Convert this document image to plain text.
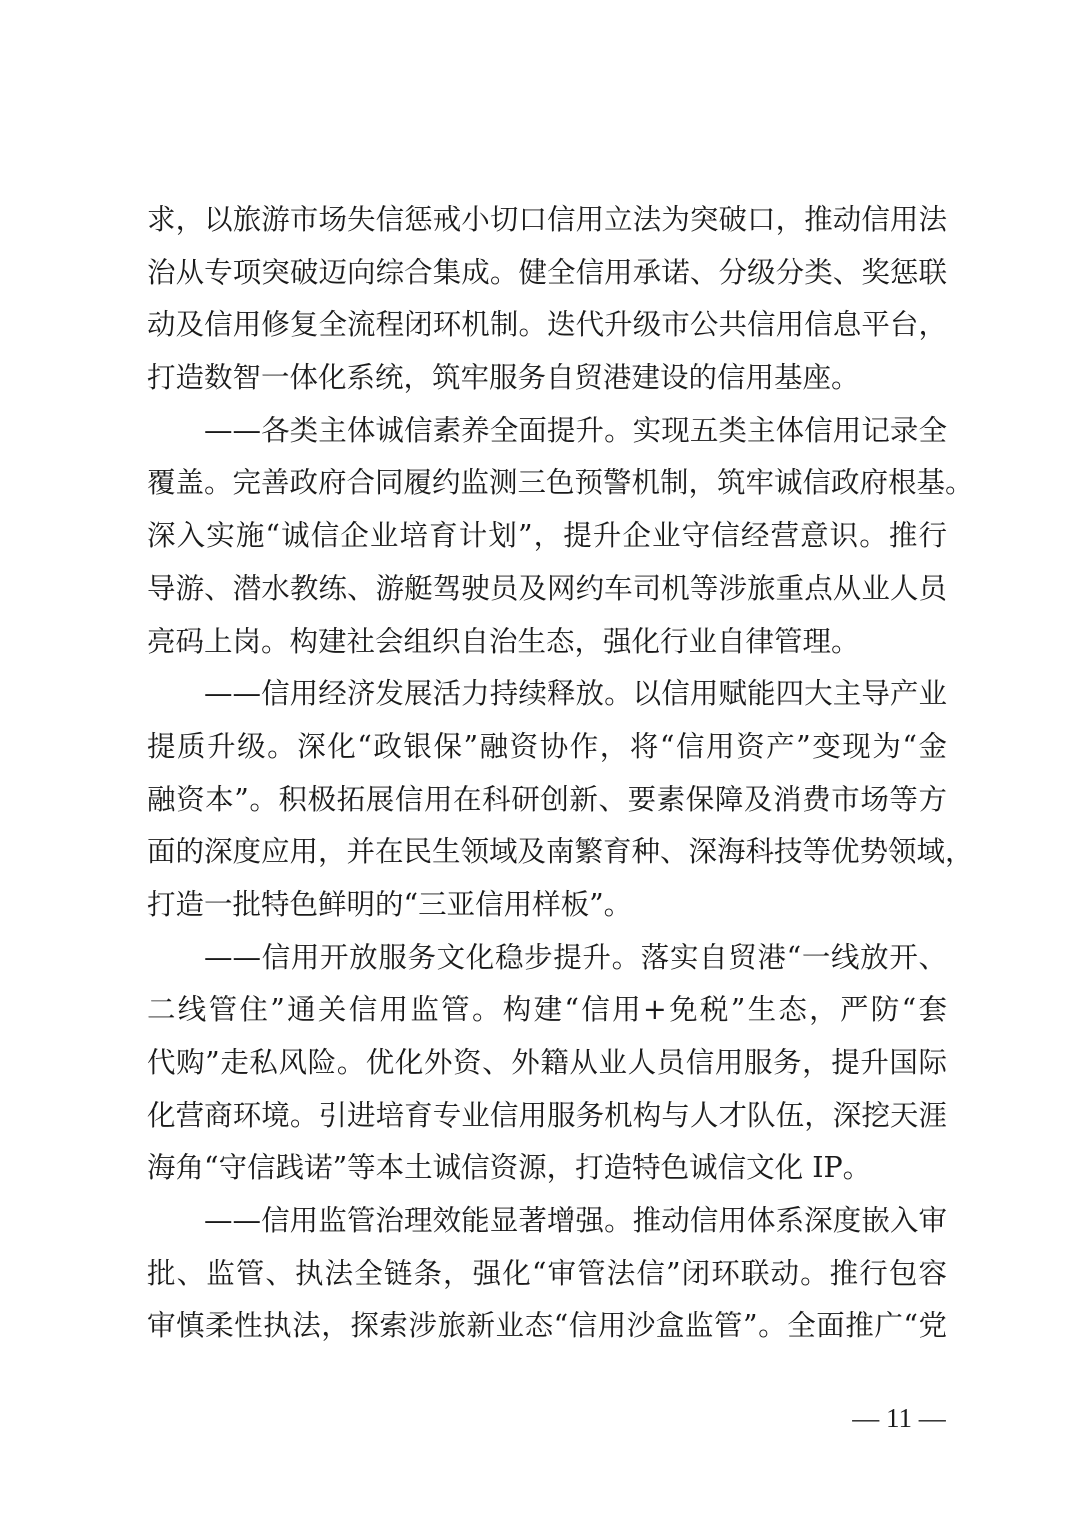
求，以旅游市场失信惩戒小切口信用立法为突破口，推动信用法
治从专项突破迈向综合集成。健全信用承诺、分级分类、奖惩联
动及信用修复全流程闭环机制。迭代升级市公共信用信息平台，
打造数智一体化系统，筑牢服务自贸港建设的信用基座。
——各类主体诚信素养全面提升。实现五类主体信用记录全
覆盖。完善政府合同履约监测三色预警机制，筑牢诚信政府根基。
深入实施“诚信企业培育计划”，提升企业守信经营意识。推行
导游、潜水教练、游艇驾驶员及网约车司机等涉旅重点从业人员
亮码上岗。构建社会组织自治生态，强化行业自律管理。
——信用经济发展活力持续释放。以信用赋能四大主导产业
提质升级。深化“政银保”融资协作，将“信用资产”变现为“金
融资本”。积极拓展信用在科研创新、要素保障及消费市场等方
面的深度应用，并在民生领域及南繁育种、深海科技等优势领域，
打造一批特色鲜明的“三亚信用样板”。
——信用开放服务文化稳步提升。落实自贸港“一线放开、
二线管住”通关信用监管。构建“信用+免税”生态，严防“套
代购”走私风险。优化外资、外籍从业人员信用服务，提升国际
化营商环境。引进培育专业信用服务机构与人才队伍，深挖天涯
海角“守信践诺”等本土诚信资源，打造特色诚信文化 IP。
——信用监管治理效能显著增强。推动信用体系深度嵌入审
批、监管、执法全链条，强化“审管法信”闭环联动。推行包容
审慎柔性执法，探索涉旅新业态“信用沙盒监管”。全面推广“党
— 11 —
